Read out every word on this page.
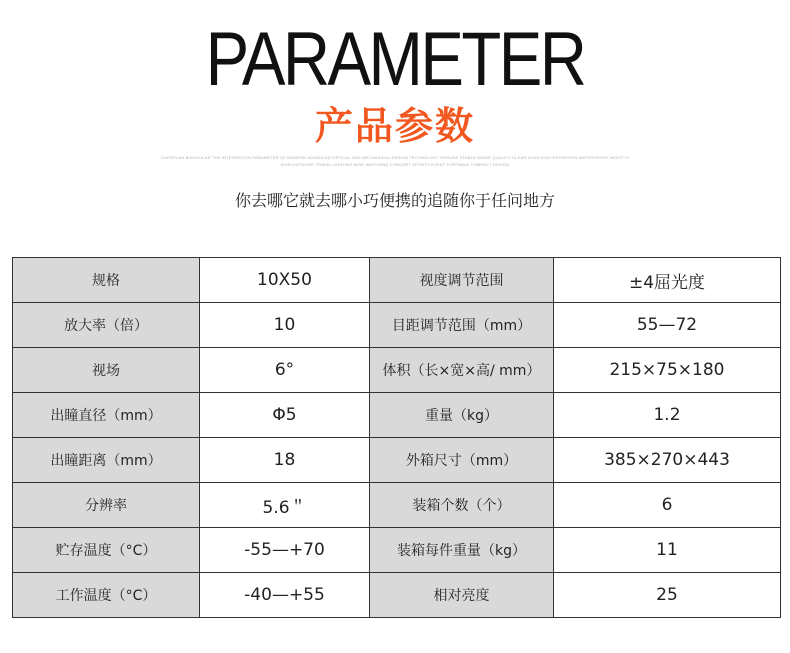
PARAMETER
产品参数
CUPSPLAN BINOCULAR THE INTEGRATION PARAMETER OF MODERN ADVANCED OPTICAL AND MECHANICAL DESIGN TECHNOLOGY ENSURE STABLE IMAGE QUALITY CLEAR LENS HIGH DEFINITION WATERPROOF NIGHT VISION OUTDOOR TRAVEL HUNTING BIRD WATCHING CONCERT SPORTS EVENT PORTABLE COMPACT DESIGN
你去哪它就去哪小巧便携的追随你于任问地方
规格	10X50	视度调节范围	±4屈光度
放大率（倍）	10	目距调节范围（mm）	55—72
视场	6°	体积（长×宽×高/ mm）	215×75×180
出瞳直径（mm）	Φ5	重量（kg）	1.2
出瞳距离（mm）	18	外箱尺寸（mm）	385×270×443
分辨率	5.6＂	装箱个数（个）	6
贮存温度（°C）	-55—+70	装箱每件重量（kg）	11
工作温度（°C）	-40—+55	相对亮度	25
